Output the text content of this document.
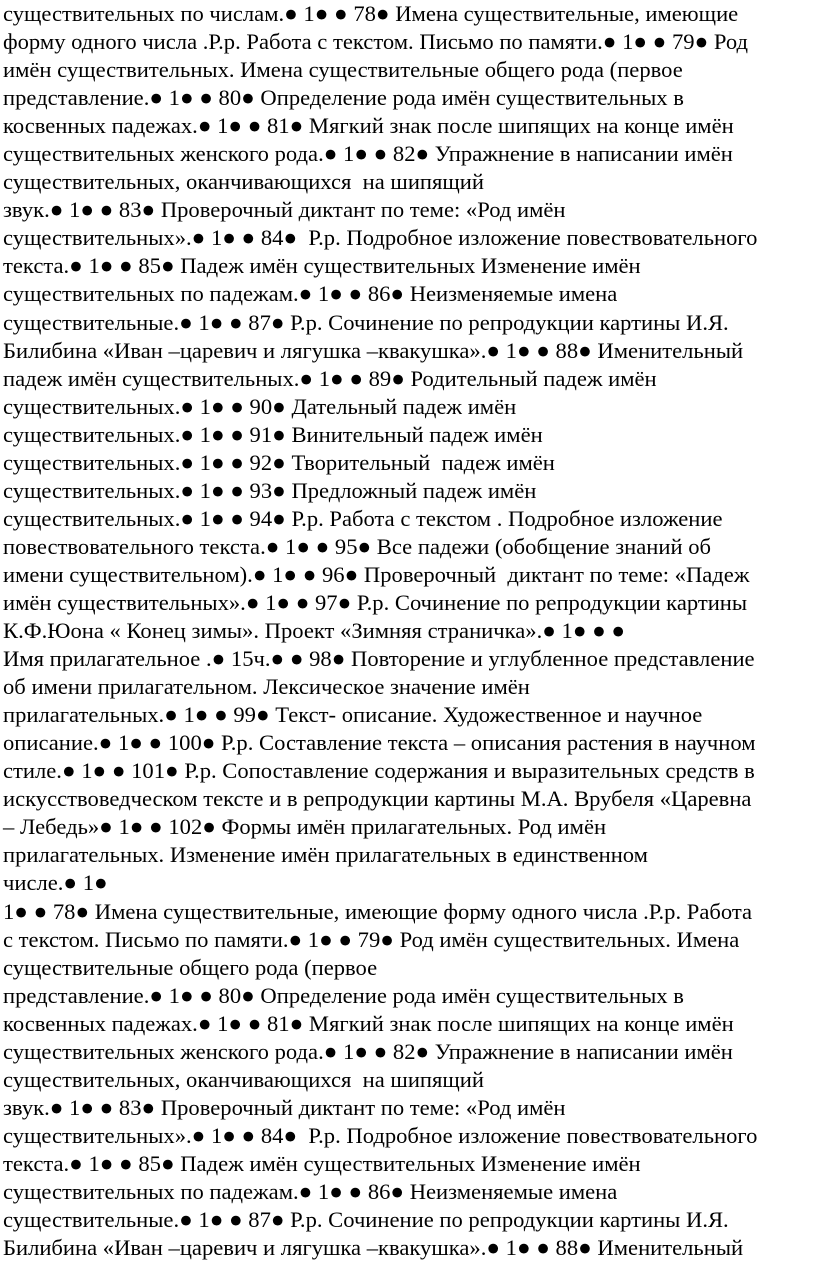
существительных по числам.● 1● ● 78● Имена существительные, имеющие
форму одного числа .Р.р. Работа с текстом. Письмо по памяти.● 1● ● 79● Род
имён существительных. Имена существительные общего рода (первое
представление.● 1● ● 80● Определение рода имён существительных в
косвенных падежах.● 1● ● 81● Мягкий знак после шипящих на конце имён
существительных женского рода.● 1● ● 82● Упражнение в написании имён
существительных, оканчивающихся  на шипящий
звук.● 1● ● 83● Проверочный диктант по теме: «Род имён
существительных».● 1● ● 84●  Р.р. Подробное изложение повествовательного
текста.● 1● ● 85● Падеж имён существительных Изменение имён
существительных по падежам.● 1● ● 86● Неизменяемые имена
существительные.● 1● ● 87● Р.р. Сочинение по репродукции картины И.Я.
Билибина «Иван –царевич и лягушка –квакушка».● 1● ● 88● Именительный
падеж имён существительных.● 1● ● 89● Родительный падеж имён
существительных.● 1● ● 90● Дательный падеж имён
существительных.● 1● ● 91● Винительный падеж имён
существительных.● 1● ● 92● Творительный  падеж имён
существительных.● 1● ● 93● Предложный падеж имён
существительных.● 1● ● 94● Р.р. Работа с текстом . Подробное изложение
повествовательного текста.● 1● ● 95● Все падежи (обобщение знаний об
имени существительном).● 1● ● 96● Проверочный  диктант по теме: «Падеж
имён существительных».● 1● ● 97● Р.р. Сочинение по репродукции картины
К.Ф.Юона « Конец зимы». Проект «Зимняя страничка».● 1● ● ●
Имя прилагательное .● 15ч.● ● 98● Повторение и углубленное представление
об имени прилагательном. Лексическое значение имён
прилагательных.● 1● ● 99● Текст- описание. Художественное и научное
описание.● 1● ● 100● Р.р. Составление текста – описания растения в научном
стиле.● 1● ● 101● Р.р. Сопоставление содержания и выразительных средств в
искусствоведческом тексте и в репродукции картины М.А. Врубеля «Царевна
– Лебедь»● 1● ● 102● Формы имён прилагательных. Род имён
прилагательных. Изменение имён прилагательных в единственном
числе.● 1●
1● ● 78● Имена существительные, имеющие форму одного числа .Р.р. Работа
с текстом. Письмо по памяти.● 1● ● 79● Род имён существительных. Имена
существительные общего рода (первое
представление.● 1● ● 80● Определение рода имён существительных в
косвенных падежах.● 1● ● 81● Мягкий знак после шипящих на конце имён
существительных женского рода.● 1● ● 82● Упражнение в написании имён
существительных, оканчивающихся  на шипящий
звук.● 1● ● 83● Проверочный диктант по теме: «Род имён
существительных».● 1● ● 84●  Р.р. Подробное изложение повествовательного
текста.● 1● ● 85● Падеж имён существительных Изменение имён
существительных по падежам.● 1● ● 86● Неизменяемые имена
существительные.● 1● ● 87● Р.р. Сочинение по репродукции картины И.Я.
Билибина «Иван –царевич и лягушка –квакушка».● 1● ● 88● Именительный
